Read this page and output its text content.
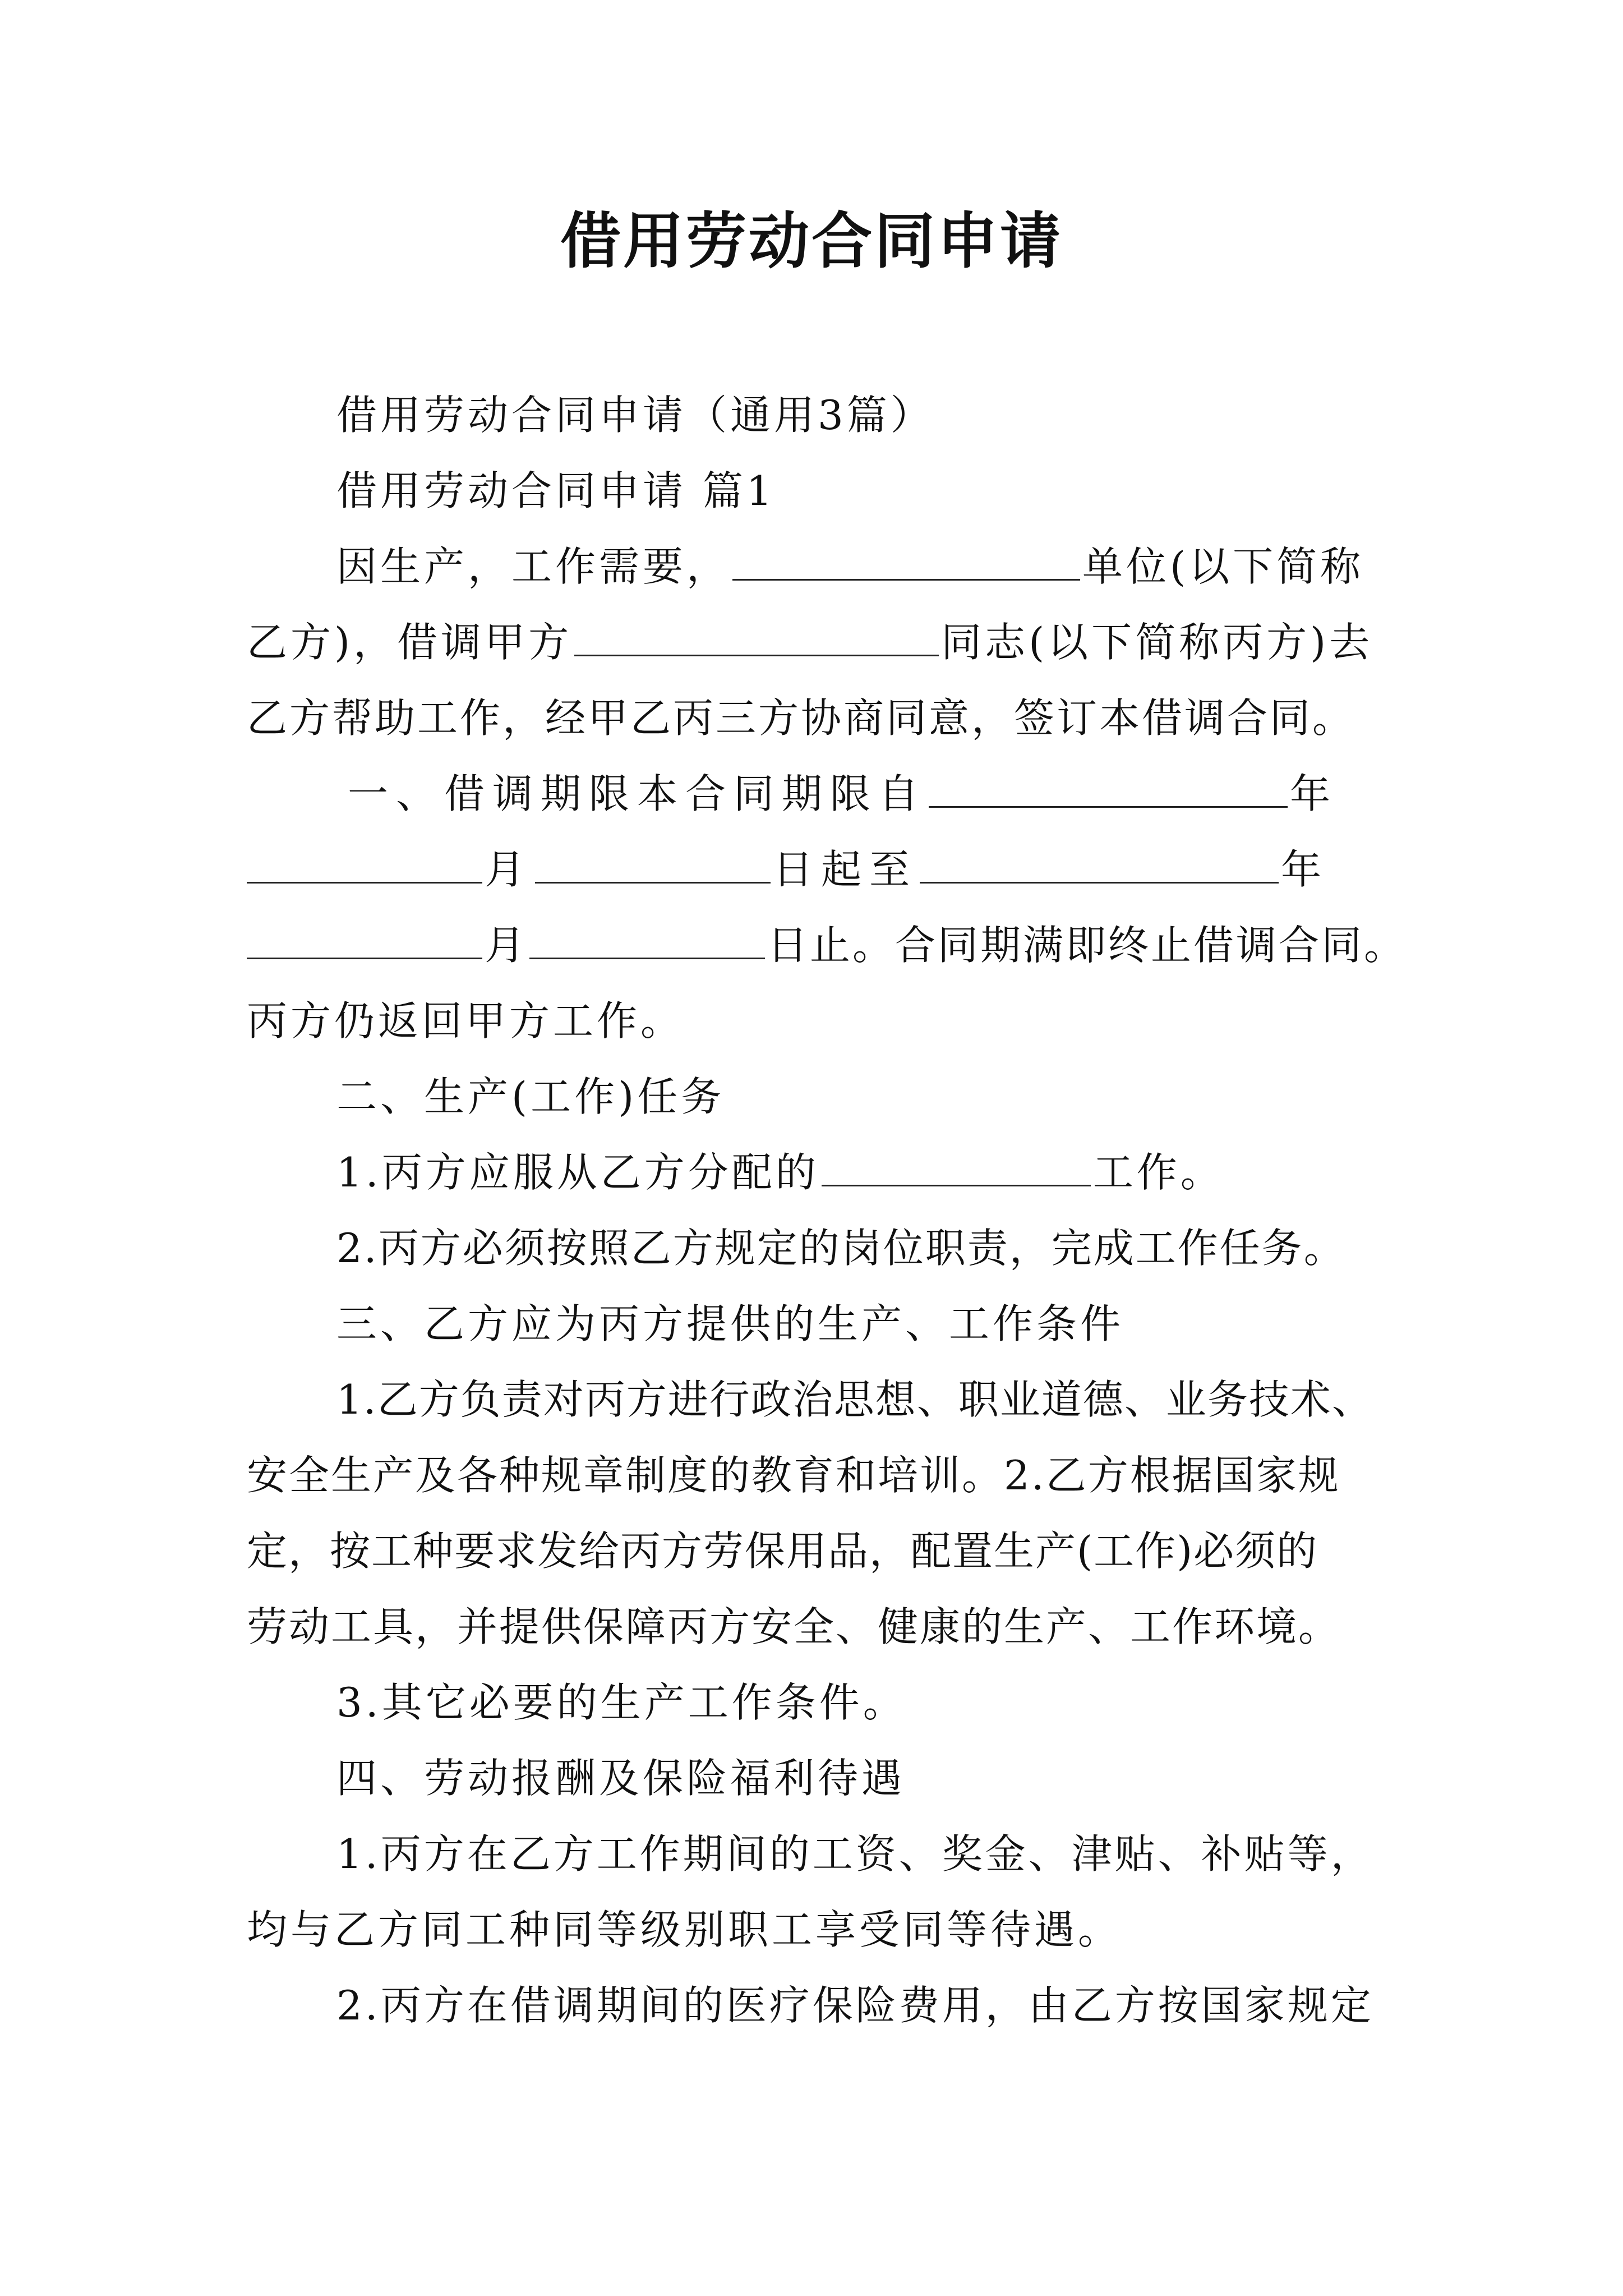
借用劳动合同申请
借用劳动合同申请（通用3篇）
借用劳动合同申请 篇1
因生产，工作需要，	单位(以下简称
乙方)，借调甲方	同志(以下简称丙方)去
乙方帮助工作，经甲乙丙三方协商同意，签订本借调合同。
一、借调期限本合同期限自	年
月	日起至	年
月	日止。合同期满即终止借调合同。
丙方仍返回甲方工作。
二、生产(工作)任务
1.丙方应服从乙方分配的	工作。
2.丙方必须按照乙方规定的岗位职责，完成工作任务。
三、乙方应为丙方提供的生产、工作条件
1.乙方负责对丙方进行政治思想、职业道德、业务技术、
安全生产及各种规章制度的教育和培训。2.乙方根据国家规
定，按工种要求发给丙方劳保用品，配置生产(工作)必须的
劳动工具，并提供保障丙方安全、健康的生产、工作环境。
3.其它必要的生产工作条件。
四、劳动报酬及保险福利待遇
1.丙方在乙方工作期间的工资、奖金、津贴、补贴等，
均与乙方同工种同等级别职工享受同等待遇。
2.丙方在借调期间的医疗保险费用，由乙方按国家规定
